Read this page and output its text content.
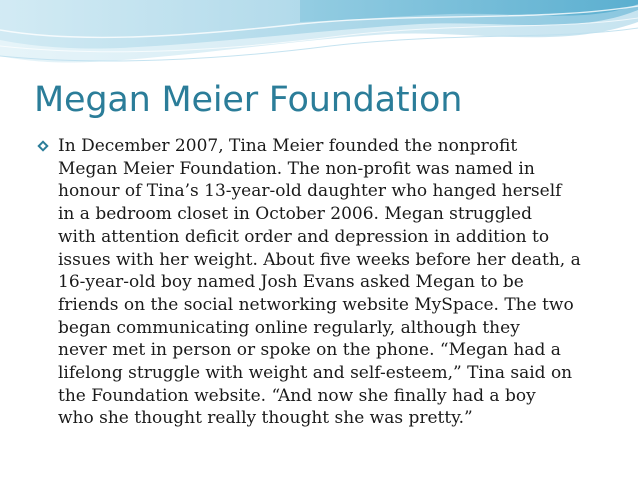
Megan Meier Foundation

In December 2007, Tina Meier founded the nonprofit
Megan Meier Foundation. The non-profit was named in
honour of Tina’s 13-year-old daughter who hanged herself
in a bedroom closet in October 2006. Megan struggled
with attention deficit order and depression in addition to
issues with her weight. About five weeks before her death, a
16-year-old boy named Josh Evans asked Megan to be
friends on the social networking website MySpace. The two
began communicating online regularly, although they
never met in person or spoke on the phone. “Megan had a
lifelong struggle with weight and self-esteem,” Tina said on
the Foundation website. “And now she finally had a boy
who she thought really thought she was pretty.”
